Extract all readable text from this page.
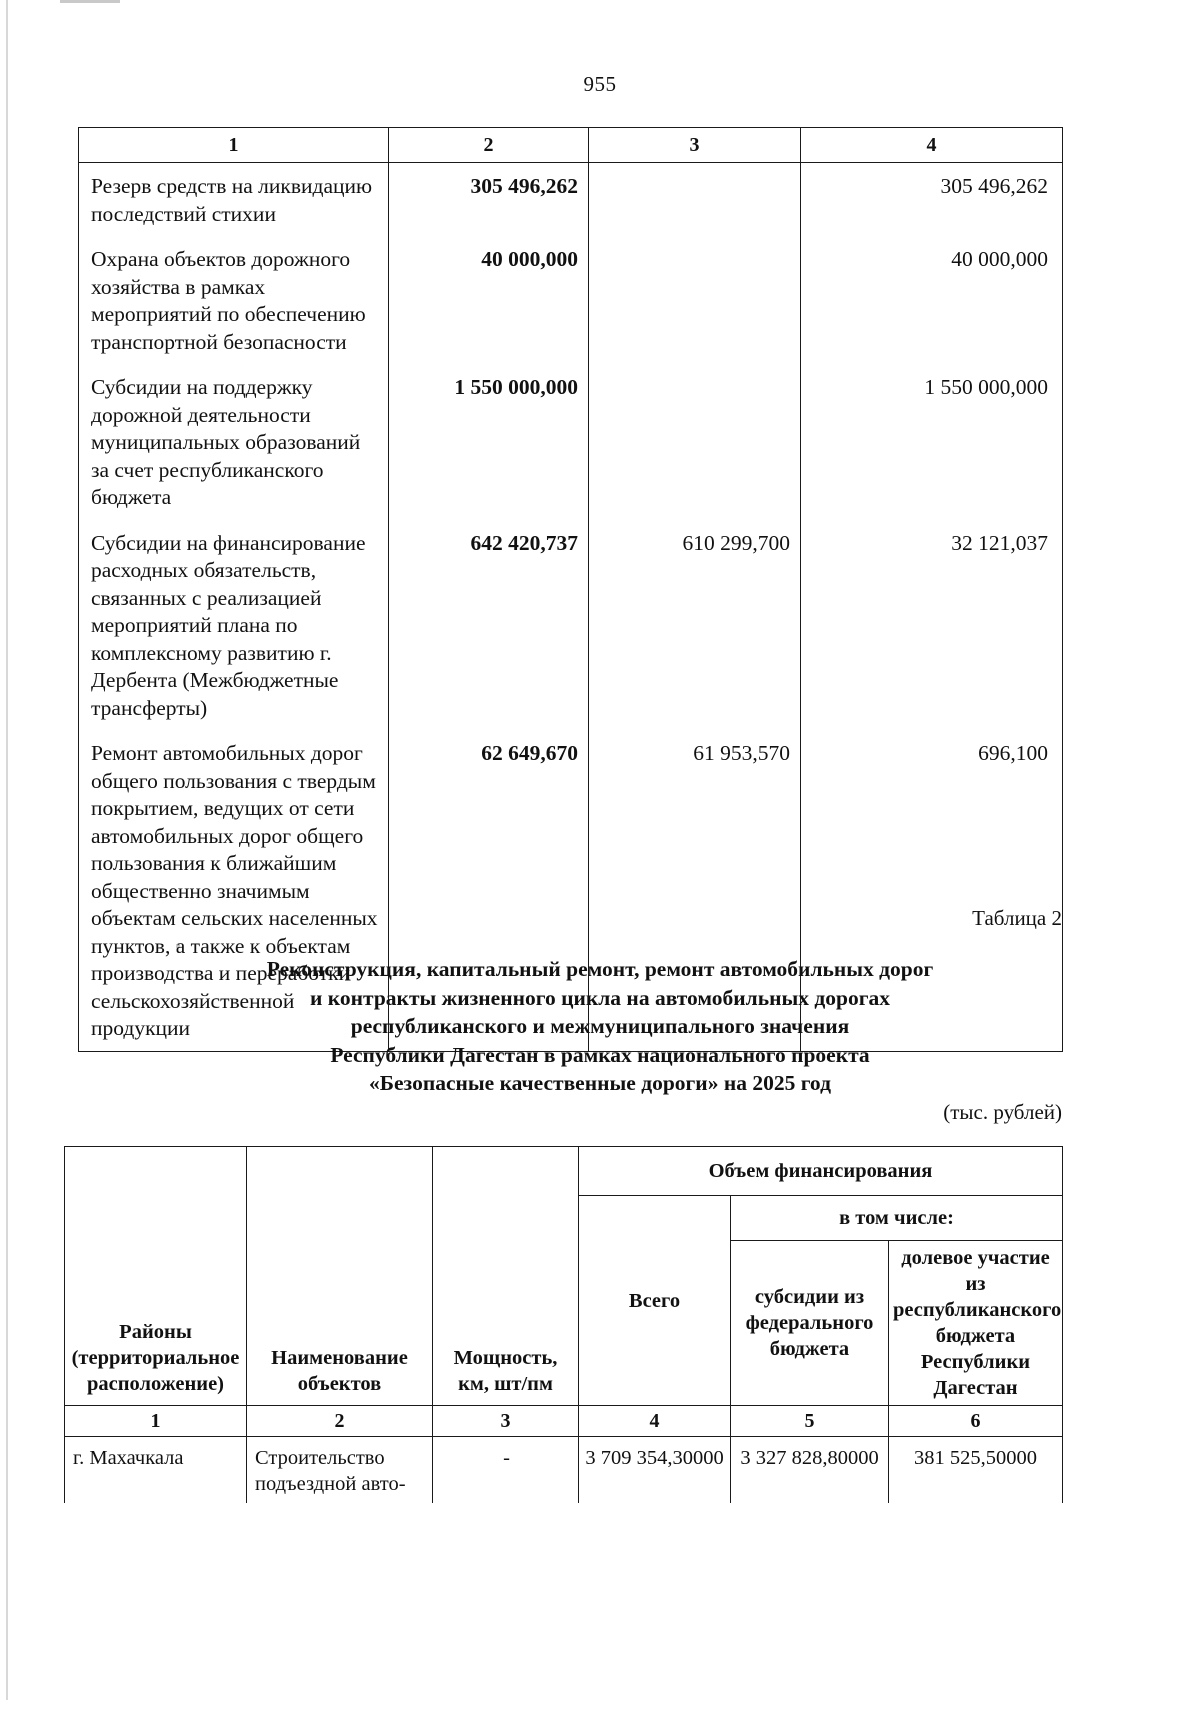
955
1	2	3	4
Резерв средств на ликвидацию последствий стихии	305 496,262		305 496,262
Охрана объектов дорожного хозяйства в рамках мероприятий по обеспечению транспортной безопасности	40 000,000		40 000,000
Субсидии на поддержку дорожной деятельности муниципальных образований за счет республиканского бюджета	1 550 000,000		1 550 000,000
Субсидии на финансирование расходных обязательств, связанных с реализацией мероприятий плана по комплексному развитию г. Дербента (Межбюджетные трансферты)	642 420,737	610 299,700	32 121,037
Ремонт автомобильных дорог общего пользования с твердым покрытием, ведущих от сети автомобильных дорог общего пользования к ближайшим общественно значимым объектам сельских населенных пунктов, а также к объектам производства и переработки сельскохозяйственной продукции	62 649,670	61 953,570	696,100
Таблица 2
Реконструкция, капитальный ремонт, ремонт автомобильных дорог
и контракты жизненного цикла на автомобильных дорогах
республиканского и межмуниципального значения
Республики Дагестан в рамках национального проекта
«Безопасные качественные дороги» на 2025 год
(тыс. рублей)
Районы (территориальное расположение)	Наименование объектов	Мощность, км, шт/пм	Объем финансирования		
			Всего	в том числе:	
				субсидии из федерального бюджета	долевое участие из республиканского бюджета Республики Дагестан
1	2	3	4	5	6
г. Махачкала	Строительство подъездной авто-	-	3 709 354,30000	3 327 828,80000	381 525,50000
